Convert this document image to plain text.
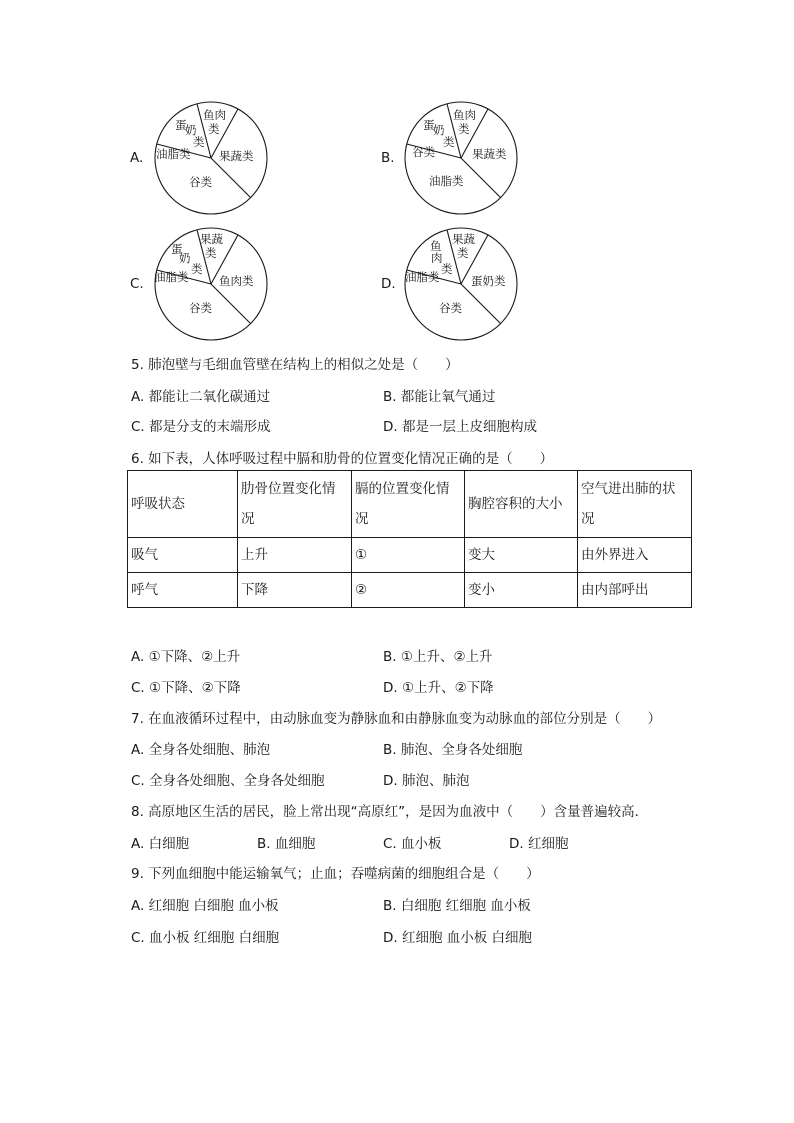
A.
鱼肉
类
蛋
奶
类
油脂类 果蔬类
谷类
B.
鱼肉
类
蛋
奶
类
谷类	果蔬类
油脂类
C.
果蔬
类
蛋
奶
类
油脂类	鱼肉类
谷类
D.
果蔬
类
鱼
肉
类
油脂类	蛋奶类
谷类
5. 肺泡壁与毛细血管壁在结构上的相似之处是（　　）
A. 都能让二氧化碳通过	B. 都能让氧气通过
C. 都是分支的末端形成	D. 都是一层上皮细胞构成
6. 如下表，人体呼吸过程中膈和肋骨的位置变化情况正确的是（　　）
呼吸状态	肋骨位置变化情况	膈的位置变化情况	胸腔容积的大小	空气进出肺的状况
吸气	上升	①	变大	由外界进入
呼气	下降	②	变小	由内部呼出
A. ①下降、②上升	B. ①上升、②上升
C. ①下降、②下降	D. ①上升、②下降
7. 在血液循环过程中，由动脉血变为静脉血和由静脉血变为动脉血的部位分别是（　　）
A. 全身各处细胞、肺泡	B. 肺泡、全身各处细胞
C. 全身各处细胞、全身各处细胞	D. 肺泡、肺泡
8. 高原地区生活的居民，脸上常出现“高原红”，是因为血液中（　　）含量普遍较高．
A. 白细胞	B. 血细胞	C. 血小板	D. 红细胞
9. 下列血细胞中能运输氧气；止血；吞噬病菌的细胞组合是（　　）
A. 红细胞 白细胞 血小板	B. 白细胞 红细胞 血小板
C. 血小板 红细胞 白细胞	D. 红细胞 血小板 白细胞
